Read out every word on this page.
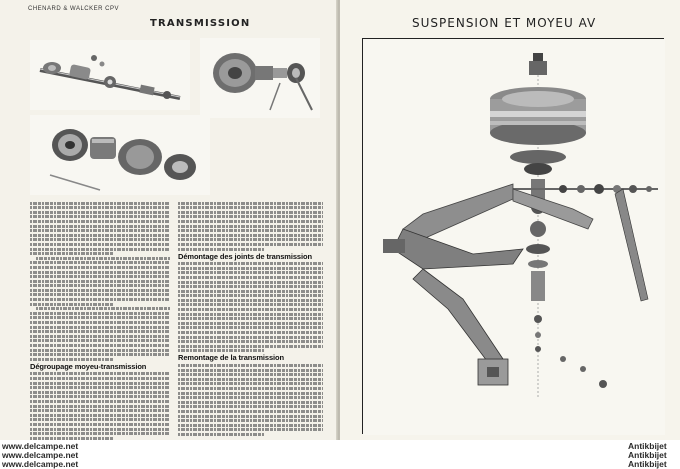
CHENARD & WALCKER CPV
TRANSMISSION
Dégroupage moyeu-transmission
Démontage des joints de transmission
Remontage de la transmission
SUSPENSION ET MOYEU AV
www.delcampe.net
www.delcampe.net
www.delcampe.net
Antikbijet
Antikbijet
Antikbijet
